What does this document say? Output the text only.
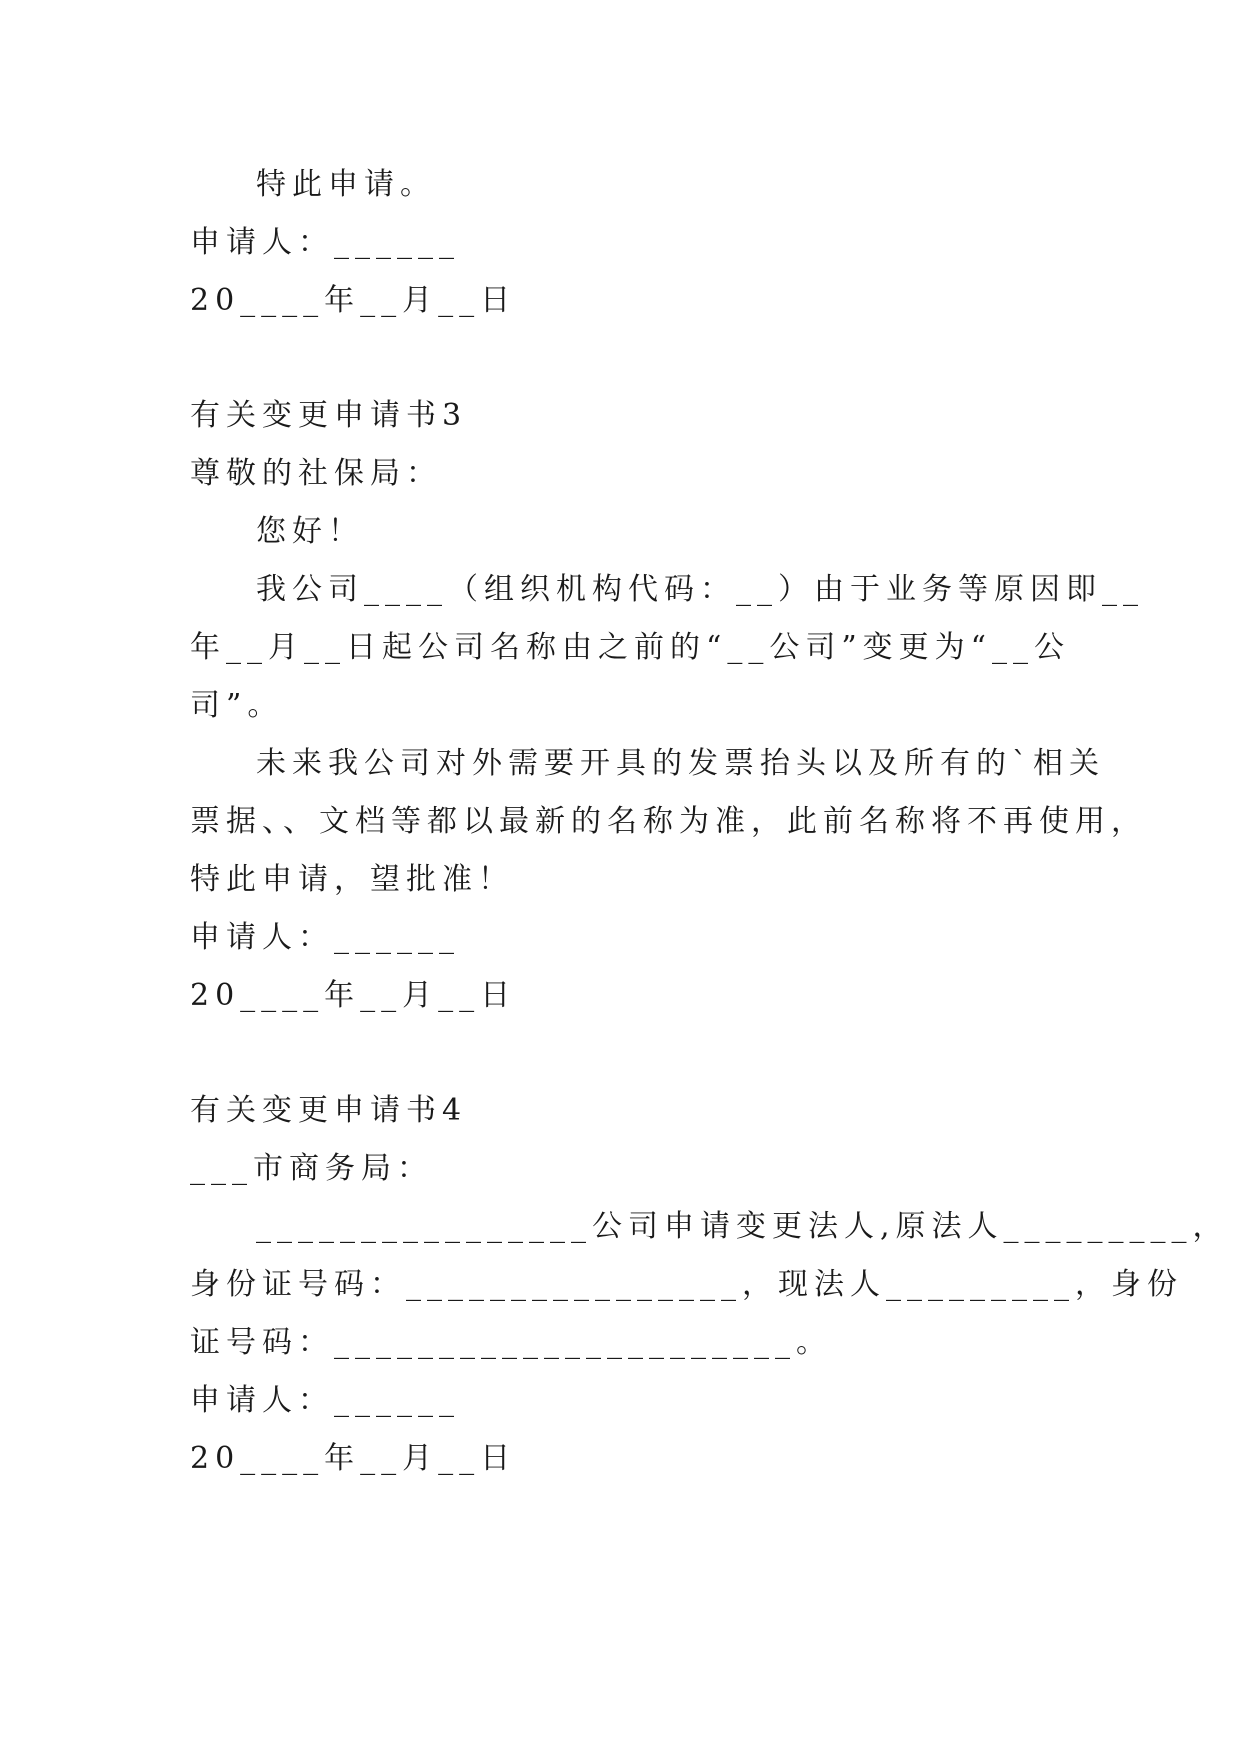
特此申请。
申请人：______
20____年__月__日
有关变更申请书3
尊敬的社保局：
您好！
我公司____（组织机构代码：__）由于业务等原因即__
年__月__日起公司名称由之前的“__公司”变更为“__公
司”。
未来我公司对外需要开具的发票抬头以及所有的`相关
票据、、文档等都以最新的名称为准，此前名称将不再使用，
特此申请，望批准！
申请人：______
20____年__月__日
有关变更申请书4
___市商务局：
________________公司申请变更法人,原法人_________，
身份证号码：________________，现法人_________，身份
证号码：______________________。
申请人：______
20____年__月__日
